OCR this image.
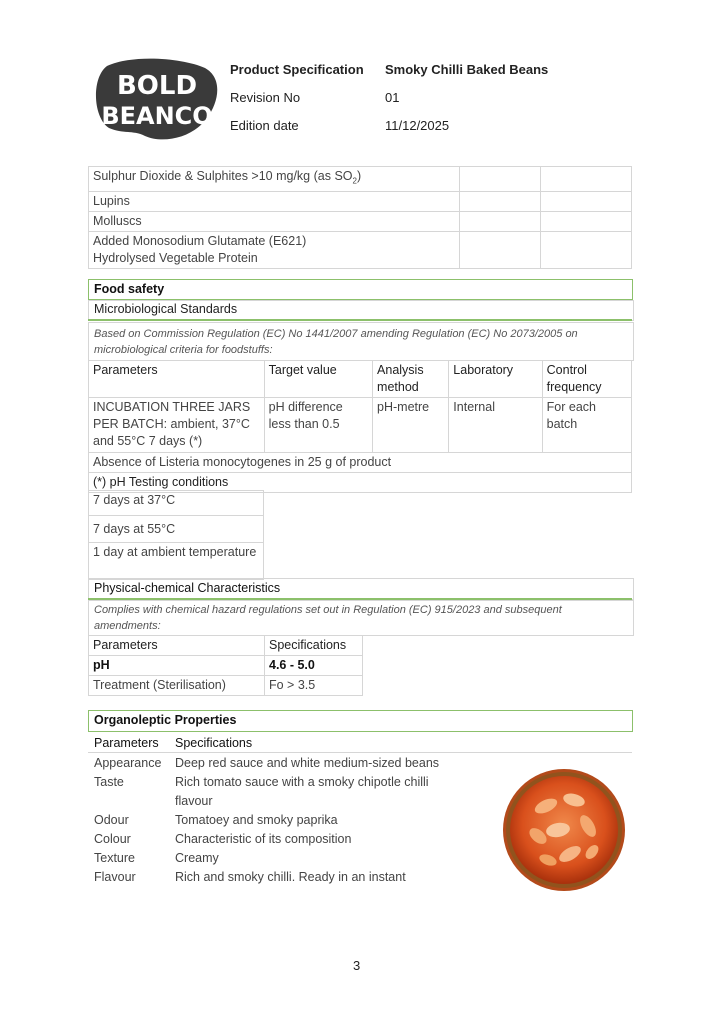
BOLD
BEANCO
Product Specification Smoky Chilli Baked Beans
Revision No	01
Edition date	11/12/2025
Sulphur Dioxide & Sulphites >10 mg/kg (as $SO_2$)		
Lupins		
Molluscs		

Added Monosodium Glutamate (E621)
Hydrolysed Vegetable Protein		

Food safety
Microbiological Standards
Based on Commission Regulation (EC) No 1441/2007 amending Regulation (EC) No 2073/2005 on microbiological criteria for foodstuffs:
Parameters	Target value	Analysis method	Laboratory	Control frequency
INCUBATION THREE JARS PER BATCH: ambient, 37°C and 55°C 7 days (*)	pH difference less than 0.5	pH-metre	Internal	For each batch
Absence of Listeria monocytogenes in 25 g of product				
(*) pH Testing conditions				
7 days at 37°C
7 days at 55°C
1 day at ambient temperature
Physical-chemical Characteristics
Complies with chemical hazard regulations set out in Regulation (EC) 915/2023 and subsequent amendments:
Parameters	Specifications
pH	4.6 - 5.0
Treatment (Sterilisation)	Fo > 3.5
Organoleptic Properties
Parameters Specifications
Appearance Deep red sauce and white medium-sized beans
Taste	Rich tomato sauce with a smoky chipotle chilli
flavour
Odour	Tomatoey and smoky paprika
Colour	Characteristic of its composition
Texture	Creamy
Flavour	Rich and smoky chilli. Ready in an instant
3
